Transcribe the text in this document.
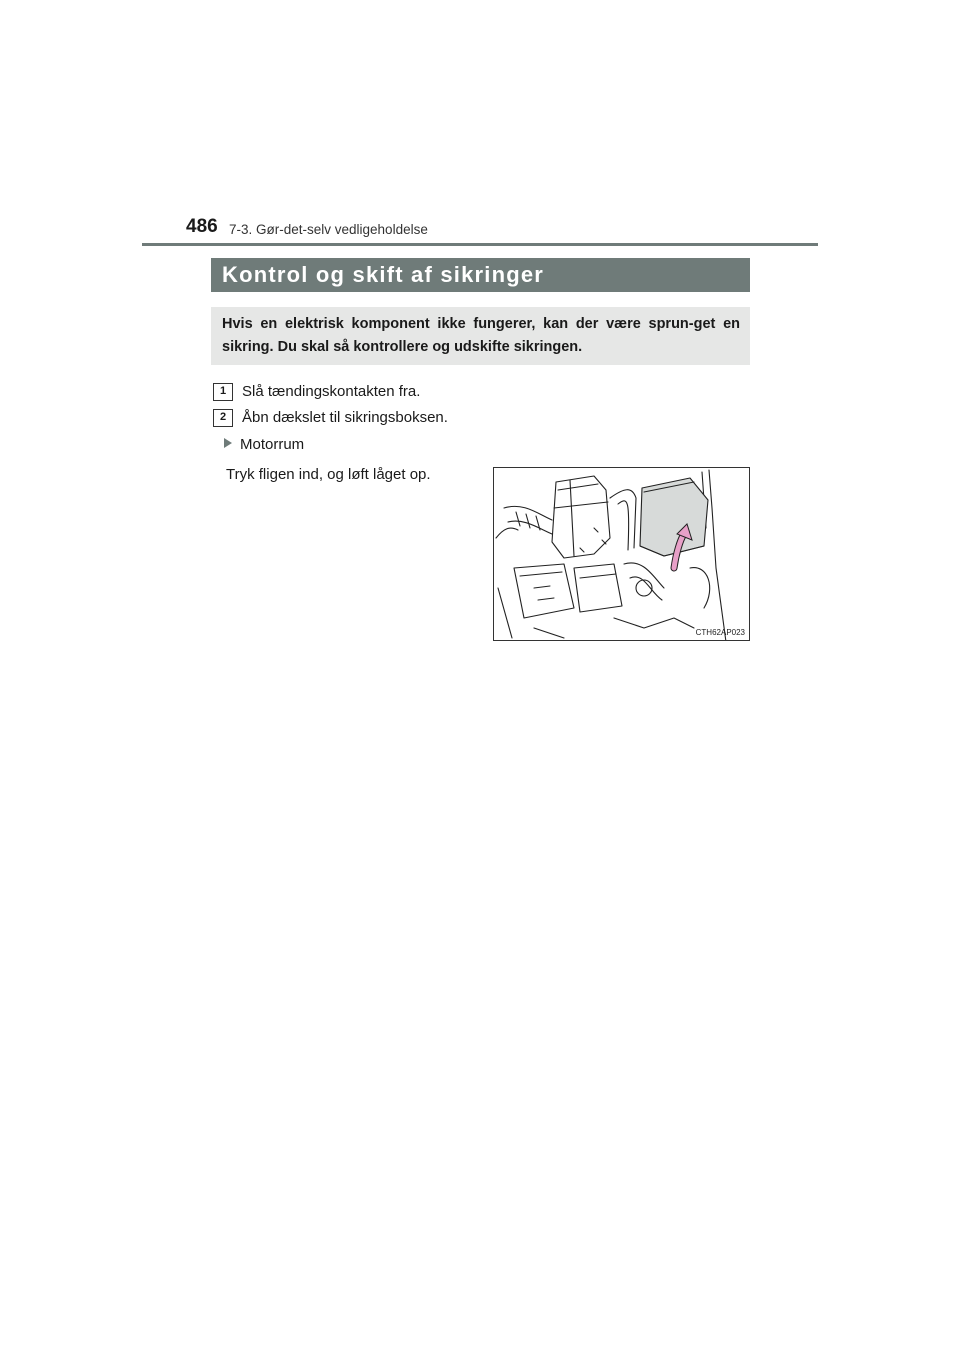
486 7-3. Gør-det-selv vedligeholdelse
Kontrol og skift af sikringer
Hvis en elektrisk komponent ikke fungerer, kan der være sprun-get en sikring. Du skal så kontrollere og udskifte sikringen.
1	Slå tændingskontakten fra.
2	Åbn dækslet til sikringsboksen.
Motorrum
Tryk fligen ind, og løft låget op.
CTH62AP023
